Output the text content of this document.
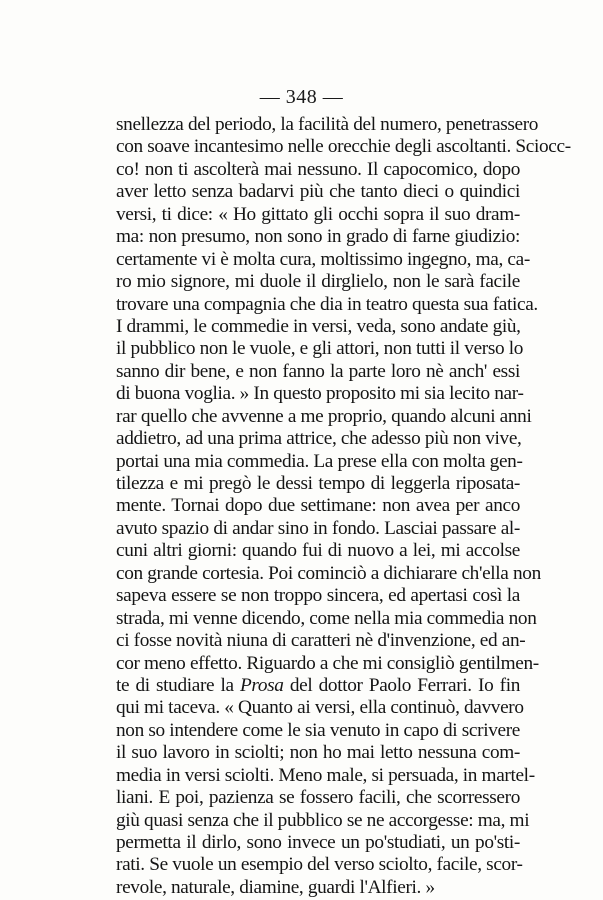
— 348 —
snellezza del periodo, la facilità del numero, penetrassero
con soave incantesimo nelle orecchie degli ascoltanti. Sciocc-
co! non ti ascolterà mai nessuno. Il capocomico, dopo
aver letto senza badarvi più che tanto dieci o quindici
versi, ti dice: « Ho gittato gli occhi sopra il suo dram-
ma: non presumo, non sono in grado di farne giudizio:
certamente vi è molta cura, moltissimo ingegno, ma, ca-
ro mio signore, mi duole il dirglielo, non le sarà facile
trovare una compagnia che dia in teatro questa sua fatica.
I drammi, le commedie in versi, veda, sono andate giù,
il pubblico non le vuole, e gli attori, non tutti il verso lo
sanno dir bene, e non fanno la parte loro nè anch' essi
di buona voglia. » In questo proposito mi sia lecito nar-
rar quello che avvenne a me proprio, quando alcuni anni
addietro, ad una prima attrice, che adesso più non vive,
portai una mia commedia. La prese ella con molta gen-
tilezza e mi pregò le dessi tempo di leggerla riposata-
mente. Tornai dopo due settimane: non avea per anco
avuto spazio di andar sino in fondo. Lasciai passare al-
cuni altri giorni: quando fui di nuovo a lei, mi accolse
con grande cortesia. Poi cominciò a dichiarare ch'ella non
sapeva essere se non troppo sincera, ed apertasi così la
strada, mi venne dicendo, come nella mia commedia non
ci fosse novità niuna di caratteri nè d'invenzione, ed an-
cor meno effetto. Riguardo a che mi consigliò gentilmen-
te di studiare la Prosa del dottor Paolo Ferrari. Io fin
qui mi taceva. « Quanto ai versi, ella continuò, davvero
non so intendere come le sia venuto in capo di scrivere
il suo lavoro in sciolti; non ho mai letto nessuna com-
media in versi sciolti. Meno male, si persuada, in martel-
liani. E poi, pazienza se fossero facili, che scorressero
giù quasi senza che il pubblico se ne accorgesse: ma, mi
permetta il dirlo, sono invece un po'studiati, un po'sti-
rati. Se vuole un esempio del verso sciolto, facile, scor-
revole, naturale, diamine, guardi l'Alfieri. »
